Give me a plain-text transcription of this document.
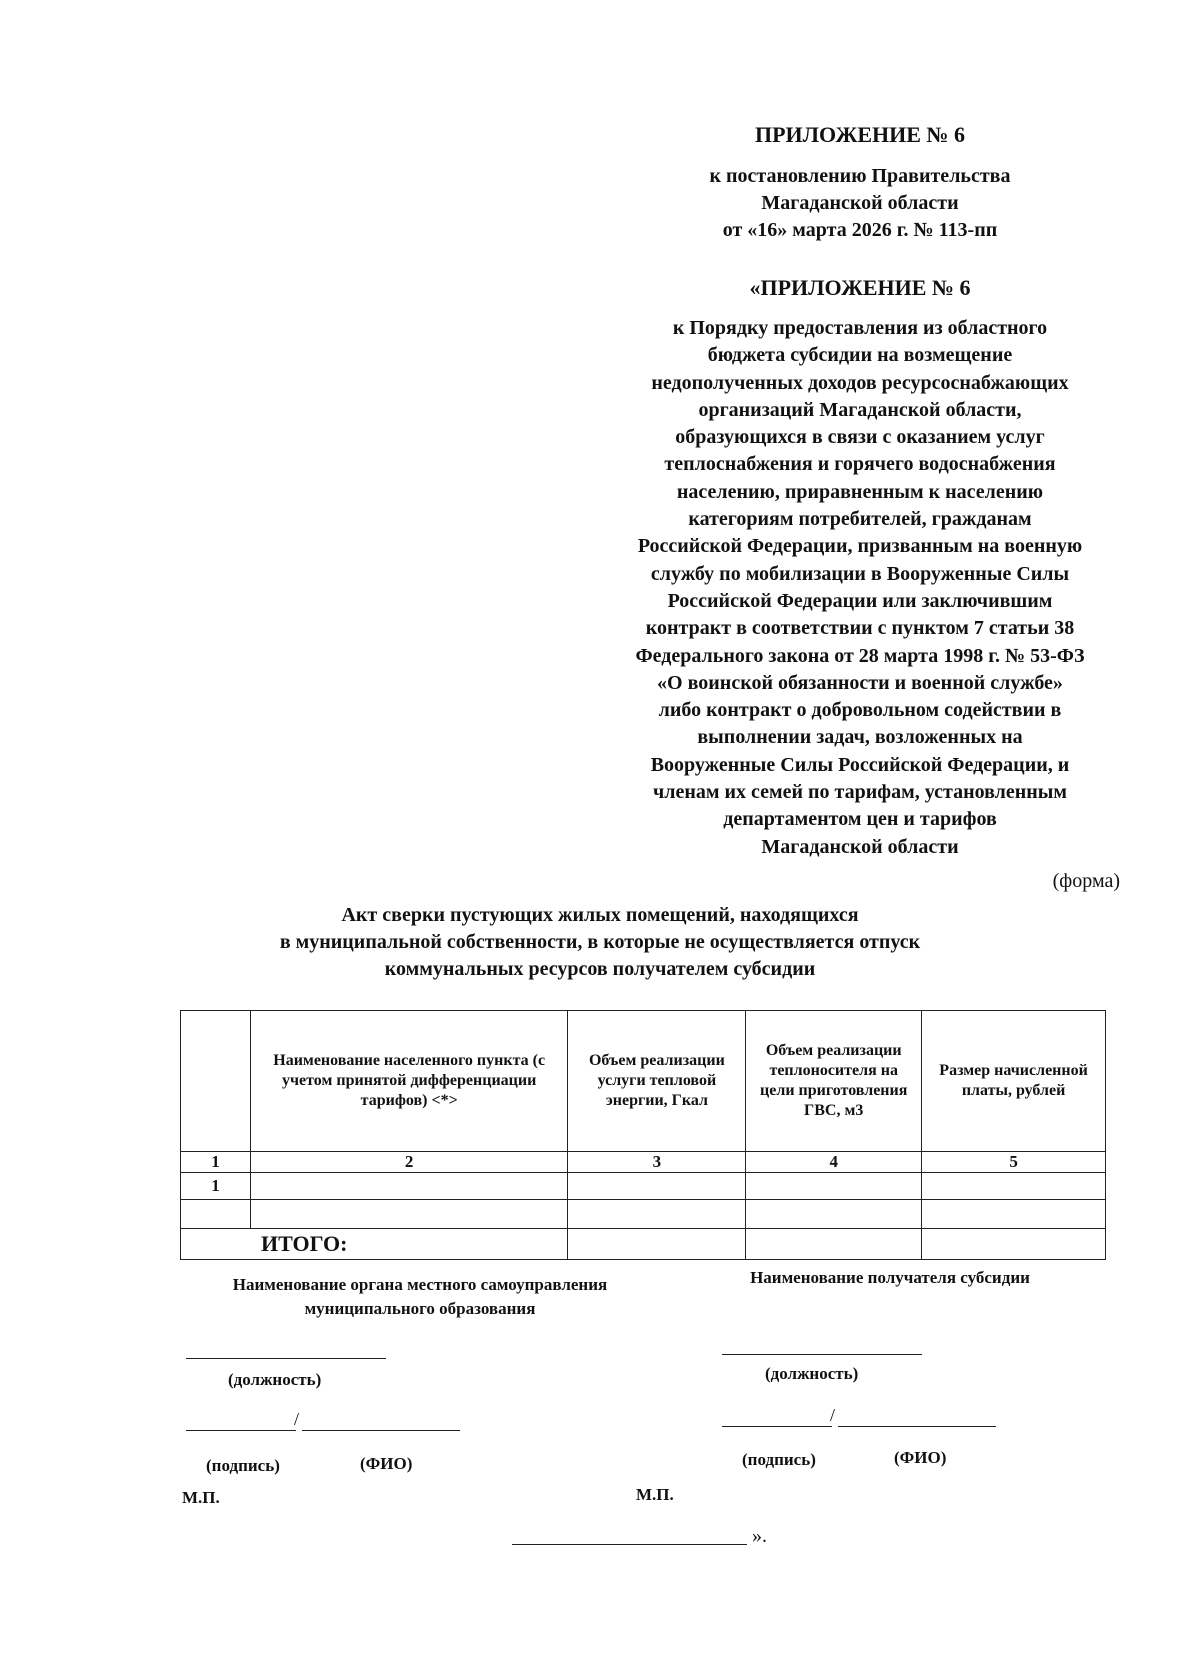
ПРИЛОЖЕНИЕ № 6
к постановлению Правительства
Магаданской области
от «16» марта 2026 г. № 113-пп
«ПРИЛОЖЕНИЕ № 6
к Порядку предоставления из областного
бюджета субсидии на возмещение
недополученных доходов ресурсоснабжающих
организаций Магаданской области,
образующихся в связи с оказанием услуг
теплоснабжения и горячего водоснабжения
населению, приравненным к населению
категориям потребителей, гражданам
Российской Федерации, призванным на военную
службу по мобилизации в Вооруженные Силы
Российской Федерации или заключившим
контракт в соответствии с пунктом 7 статьи 38
Федерального закона от 28 марта 1998 г. № 53-ФЗ
«О воинской обязанности и военной службе»
либо контракт о добровольном содействии в
выполнении задач, возложенных на
Вооруженные Силы Российской Федерации, и
членам их семей по тарифам, установленным
департаментом цен и тарифов
Магаданской области
(форма)
Акт сверки пустующих жилых помещений, находящихся
в муниципальной собственности, в которые не осуществляется отпуск
коммунальных ресурсов получателем субсидии
	Наименование населенного пункта (с учетом принятой дифференциации тарифов) <*>	Объем реализации услуги тепловой энергии, Гкал	Объем реализации теплоносителя на цели приготовления ГВС, м3	Размер начисленной платы, рублей
1	2	3	4	5
1				

ИТОГО:				
Наименование органа местного самоуправления муниципального образования
Наименование получателя субсидии
(должность)	(должность)
/
(подпись)	(ФИО)
/
(подпись)	(ФИО)
М.П.	М.П.
».
